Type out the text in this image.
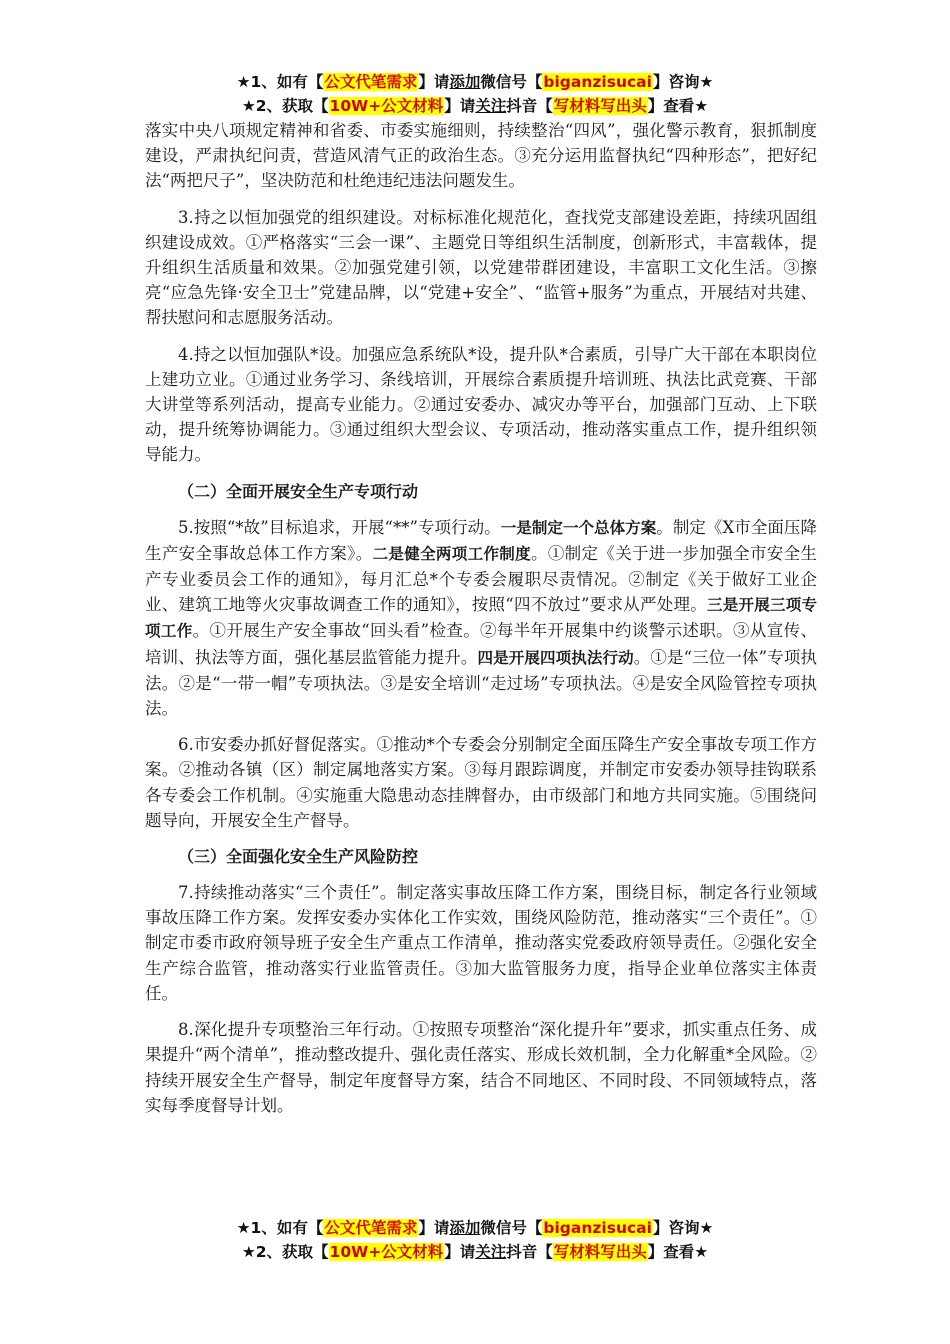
★1、如有【公文代笔需求】请添加微信号【biganzisucai】咨询★
★2、获取【10W+公文材料】请关注抖音【写材料写出头】查看★

落实中央八项规定精神和省委、市委实施细则，持续整治“四风”，强化警示教育，狠抓制度建设，严肃执纪问责，营造风清气正的政治生态。③充分运用监督执纪“四种形态”，把好纪法“两把尺子”，坚决防范和杜绝违纪违法问题发生。

3.持之以恒加强党的组织建设。对标标准化规范化，查找党支部建设差距，持续巩固组织建设成效。①严格落实“三会一课”、主题党日等组织生活制度，创新形式，丰富载体，提升组织生活质量和效果。②加强党建引领，以党建带群团建设，丰富职工文化生活。③擦亮“应急先锋·安全卫士”党建品牌，以“党建+安全”、“监管+服务”为重点，开展结对共建、帮扶慰问和志愿服务活动。

4.持之以恒加强队*设。加强应急系统队*设，提升队*合素质，引导广大干部在本职岗位上建功立业。①通过业务学习、条线培训，开展综合素质提升培训班、执法比武竞赛、干部大讲堂等系列活动，提高专业能力。②通过安委办、减灾办等平台，加强部门互动、上下联动，提升统筹协调能力。③通过组织大型会议、专项活动，推动落实重点工作，提升组织领导能力。

（二）全面开展安全生产专项行动

5.按照“*故”目标追求，开展“**”专项行动。一是制定一个总体方案。制定《X市全面压降生产安全事故总体工作方案》。二是健全两项工作制度。①制定《关于进一步加强全市安全生产专业委员会工作的通知》，每月汇总*个专委会履职尽责情况。②制定《关于做好工业企业、建筑工地等火灾事故调查工作的通知》，按照“四不放过”要求从严处理。三是开展三项专项工作。①开展生产安全事故“回头看”检查。②每半年开展集中约谈警示述职。③从宣传、培训、执法等方面，强化基层监管能力提升。四是开展四项执法行动。①是“三位一体”专项执法。②是“一带一帽”专项执法。③是安全培训“走过场”专项执法。④是安全风险管控专项执法。

6.市安委办抓好督促落实。①推动*个专委会分别制定全面压降生产安全事故专项工作方案。②推动各镇（区）制定属地落实方案。③每月跟踪调度，并制定市安委办领导挂钩联系各专委会工作机制。④实施重大隐患动态挂牌督办，由市级部门和地方共同实施。⑤围绕问题导向，开展安全生产督导。

（三）全面强化安全生产风险防控

7.持续推动落实“三个责任”。制定落实事故压降工作方案，围绕目标，制定各行业领域事故压降工作方案。发挥安委办实体化工作实效，围绕风险防范，推动落实“三个责任”。①制定市委市政府领导班子安全生产重点工作清单，推动落实党委政府领导责任。②强化安全生产综合监管，推动落实行业监管责任。③加大监管服务力度，指导企业单位落实主体责任。

8.深化提升专项整治三年行动。①按照专项整治“深化提升年”要求，抓实重点任务、成果提升“两个清单”，推动整改提升、强化责任落实、形成长效机制，全力化解重*全风险。②持续开展安全生产督导，制定年度督导方案，结合不同地区、不同时段、不同领域特点，落实每季度督导计划。

★1、如有【公文代笔需求】请添加微信号【biganzisucai】咨询★
★2、获取【10W+公文材料】请关注抖音【写材料写出头】查看★
